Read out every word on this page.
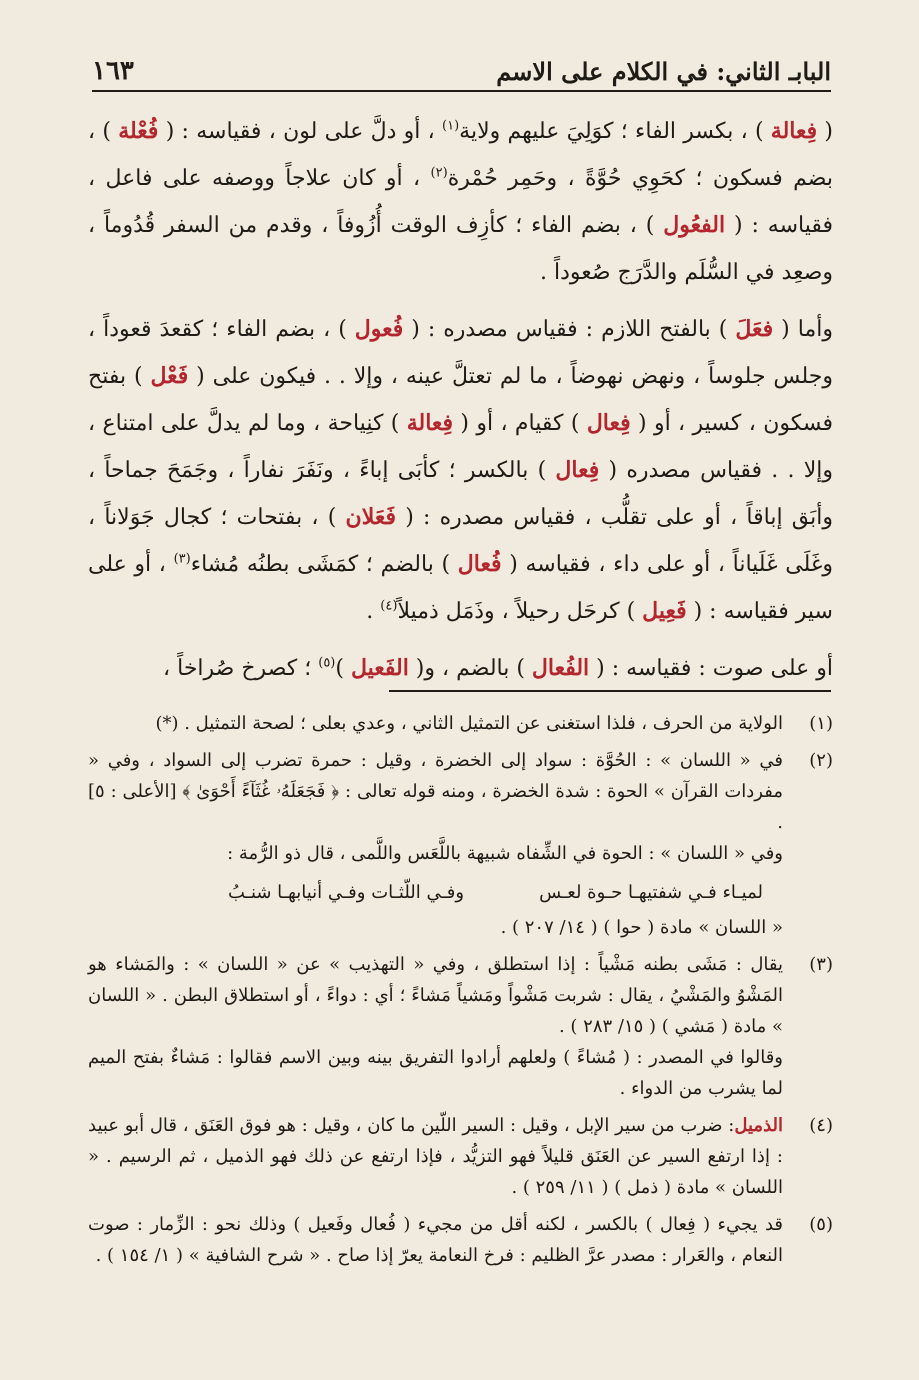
البابـ الثاني: في الكلام على الاسم
١٦٣

( فِعالة ) ، بكسر الفاء ؛ كوَلِيَ عليهم ولاية$^{(١)}$ ، أو دلَّ على لون ، فقياسه : ( فُعْلة ) ، بضم فسكون ؛ كحَوِي حُوَّةً ، وحَمِر حُمْرة$^{(٢)}$ ، أو كان علاجاً ووصفه على فاعل ، فقياسه : ( الفعُول ) ، بضم الفاء ؛ كأزِف الوقت أُزُوفاً ، وقدم من السفر قُدُوماً ، وصعِد في السُّلَم والدَّرَج صُعوداً .

وأما ( فعَلَ ) بالفتح اللازم : فقياس مصدره : ( فُعول ) ، بضم الفاء ؛ كقعدَ قعوداً ، وجلس جلوساً ، ونهض نهوضاً ، ما لم تعتلَّ عينه ، وإلا . . فيكون على ( فَعْل ) بفتح فسكون ، كسير ، أو ( فِعال ) كقيام ، أو ( فِعالة ) كنِياحة ، وما لم يدلَّ على امتناع ، وإلا . . فقياس مصدره ( فِعال ) بالكسر ؛ كأبَى إباءً ، ونَفَرَ نفاراً ، وجَمَحَ جماحاً ، وأبَق إباقاً ، أو على تقلُّب ، فقياس مصدره : ( فَعَلان ) ، بفتحات ؛ كجال جَوَلاناً ، وغَلَى غَلَياناً ، أو على داء ، فقياسه ( فُعال ) بالضم ؛ كمَشَى بطنُه مُشاء$^{(٣)}$ ، أو على سير فقياسه : ( فَعِيل ) كرحَل رحيلاً ، وذَمَل ذميلاً$^{(٤)}$ .

أو على صوت : فقياسه : ( الفُعال ) بالضم ، و( الفَعيل )$^{(٥)}$ ؛ كصرخ صُراخاً ،

(١)
الولاية من الحرف ، فلذا استغنى عن التمثيل الثاني ، وعدي بعلى ؛ لصحة التمثيل . (*)
(٢)
في « اللسان » : الحُوَّة : سواد إلى الخضرة ، وقيل : حمرة تضرب إلى السواد ، وفي « مفردات القرآن » الحوة : شدة الخضرة ، ومنه قوله تعالى : ﴿ فَجَعَلَهُۥ غُثَآءً أَحْوَىٰ ﴾ [الأعلى : ٥] .
وفي « اللسان » : الحوة في الشِّفاه شبيهة باللَّعَس واللَّمى ، قال ذو الرُّمة :
لميـاء فـي شفتيهـا حـوة لعـس
وفـي اللّثـات وفـي أنيابهـا شنـبُ
« اللسان » مادة ( حوا ) ( ١٤/ ٢٠٧ ) .
(٣)
يقال : مَشَى بطنه مَشْياً : إذا استطلق ، وفي « التهذيب » عن « اللسان » : والمَشاء هو المَشْوُ والمَشْيُ ، يقال : شربت مَشْواً ومَشياً مَشاءً ؛ أي : دواءً ، أو استطلاق البطن . « اللسان » مادة ( مَشي ) ( ١٥/ ٢٨٣ ) .
وقالوا في المصدر : ( مُشاءً ) ولعلهم أرادوا التفريق بينه وبين الاسم فقالوا : مَشاءٌ بفتح الميم لما يشرب من الدواء .
(٤)
الذميل: ضرب من سير الإبل ، وقيل : السير اللّين ما كان ، وقيل : هو فوق العَنَق ، قال أبو عبيد : إذا ارتفع السير عن العَنَق قليلاً فهو التزيُّد ، فإذا ارتفع عن ذلك فهو الذميل ، ثم الرسيم . « اللسان » مادة ( ذمل ) ( ١١/ ٢٥٩ ) .
(٥)
قد يجيء ( فِعال ) بالكسر ، لكنه أقل من مجيء ( فُعال وفَعيل ) وذلك نحو : الزِّمار : صوت النعام ، والعَرار : مصدر عرَّ الظليم : فرخ النعامة يعرّ إذا صاح . « شرح الشافية » ( ١/ ١٥٤ ) .
